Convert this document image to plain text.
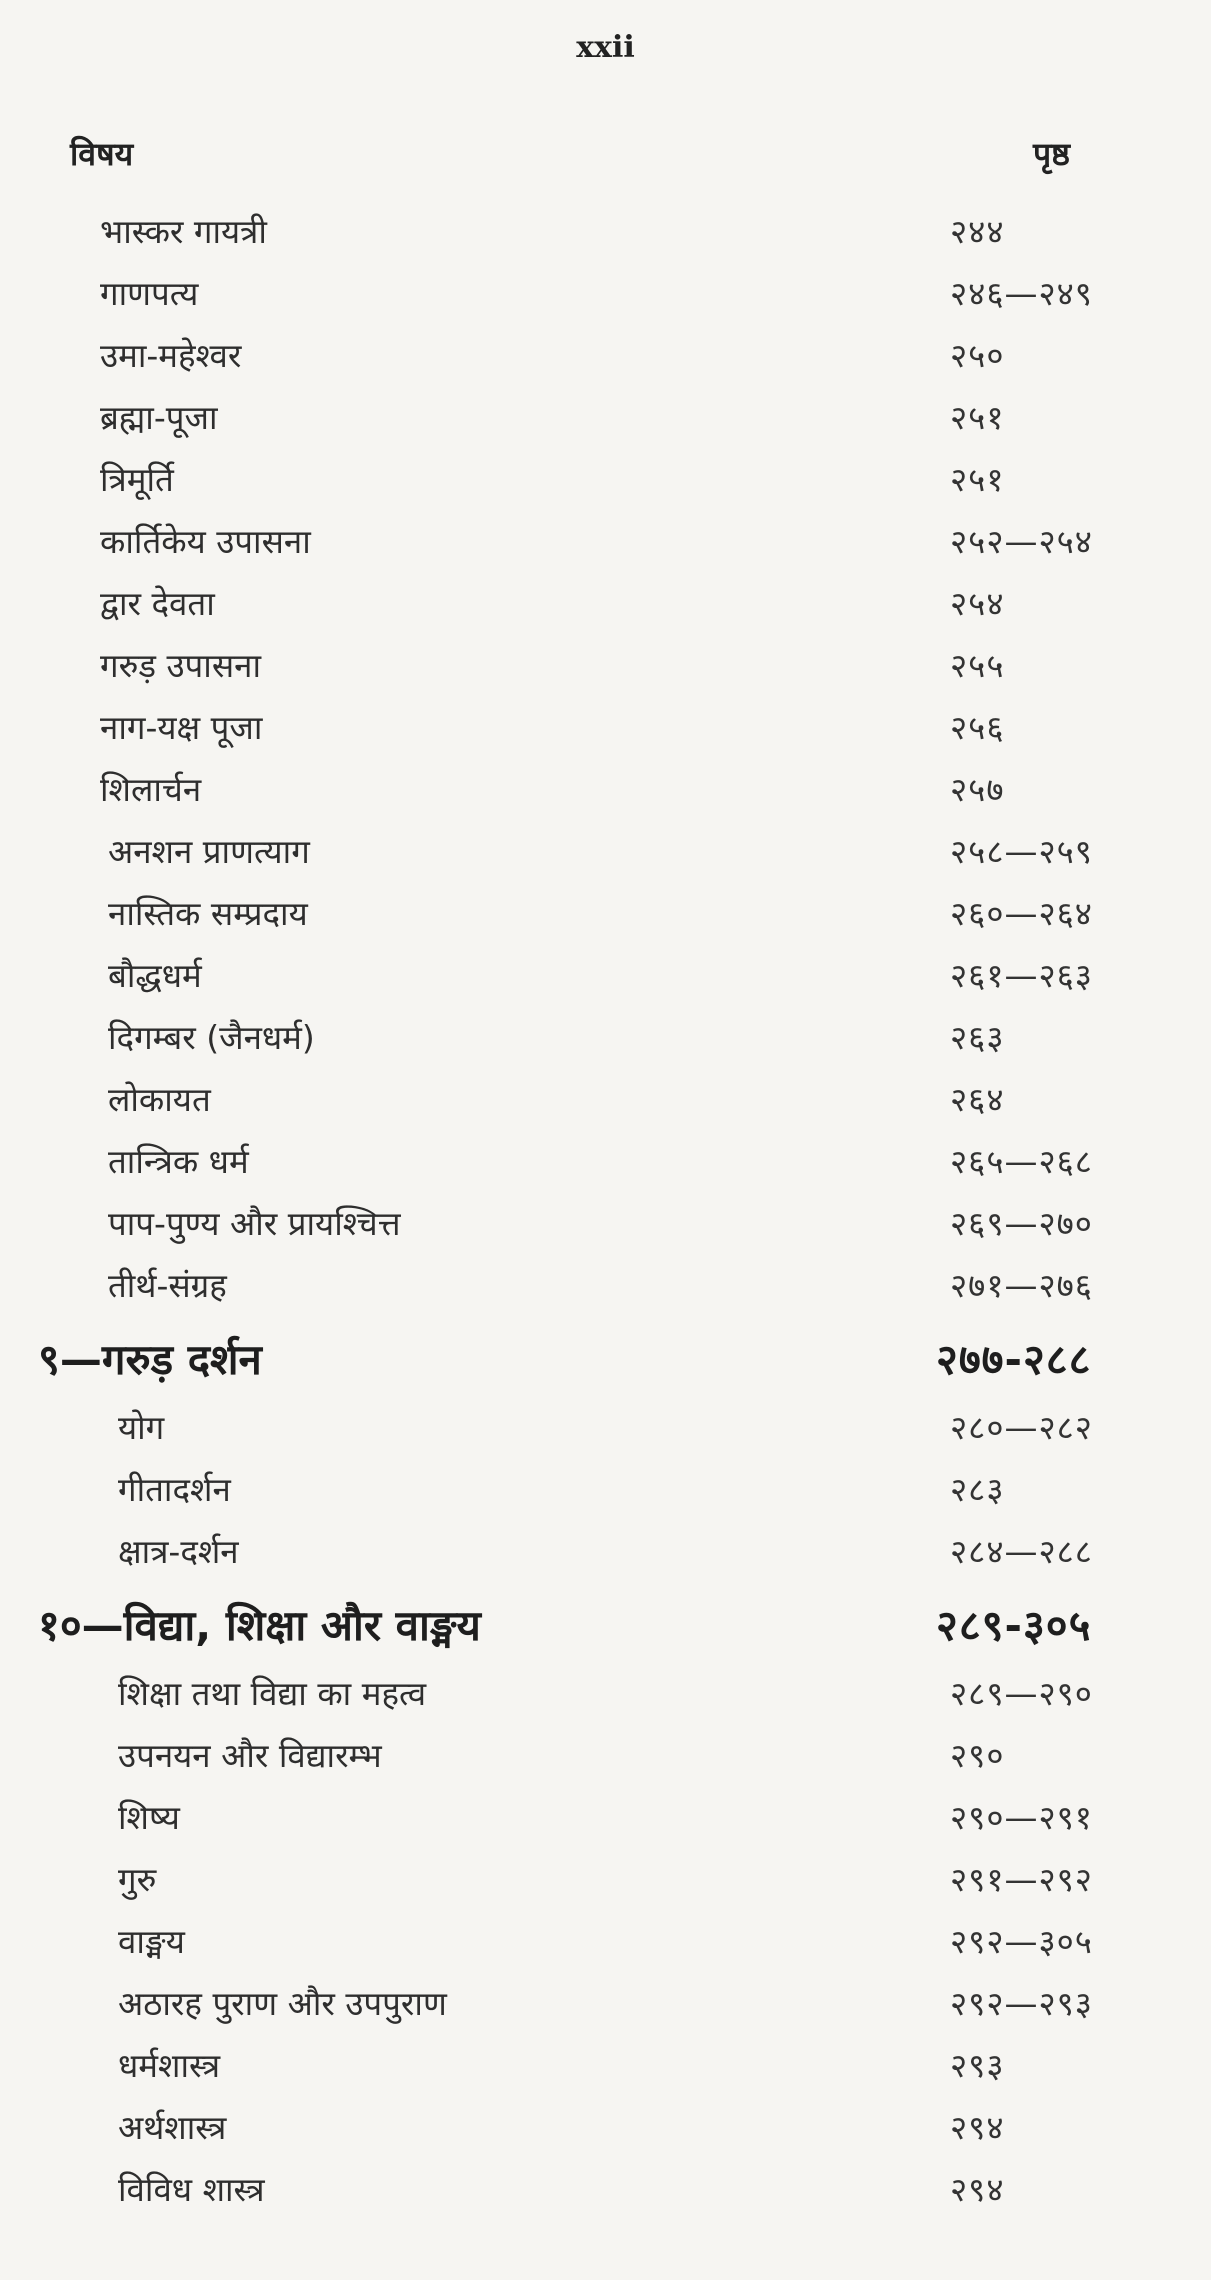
xxii
विषय	पृष्ठ
भास्कर गायत्री	२४४
गाणपत्य	२४६—२४९
उमा-महेश्वर	२५०
ब्रह्मा-पूजा	२५१
त्रिमूर्ति	२५१
कार्तिकेय उपासना	२५२—२५४
द्वार देवता	२५४
गरुड़ उपासना	२५५
नाग-यक्ष पूजा	२५६
शिलार्चन	२५७
अनशन प्राणत्याग	२५८—२५९
नास्तिक सम्प्रदाय	२६०—२६४
बौद्धधर्म	२६१—२६३
दिगम्बर (जैनधर्म)	२६३
लोकायत	२६४
तान्त्रिक धर्म	२६५—२६८
पाप-पुण्य और प्रायश्चित्त	२६९—२७०
तीर्थ-संग्रह	२७१—२७६
९—गरुड़ दर्शन	२७७-२८८
योग	२८०—२८२
गीतादर्शन	२८३
क्षात्र-दर्शन	२८४—२८८
१०—विद्या, शिक्षा और वाङ्मय	२८९-३०५
शिक्षा तथा विद्या का महत्व	२८९—२९०
उपनयन और विद्यारम्भ	२९०
शिष्य	२९०—२९१
गुरु	२९१—२९२
वाङ्मय	२९२—३०५
अठारह पुराण और उपपुराण	२९२—२९३
धर्मशास्त्र	२९३
अर्थशास्त्र	२९४
विविध शास्त्र	२९४
